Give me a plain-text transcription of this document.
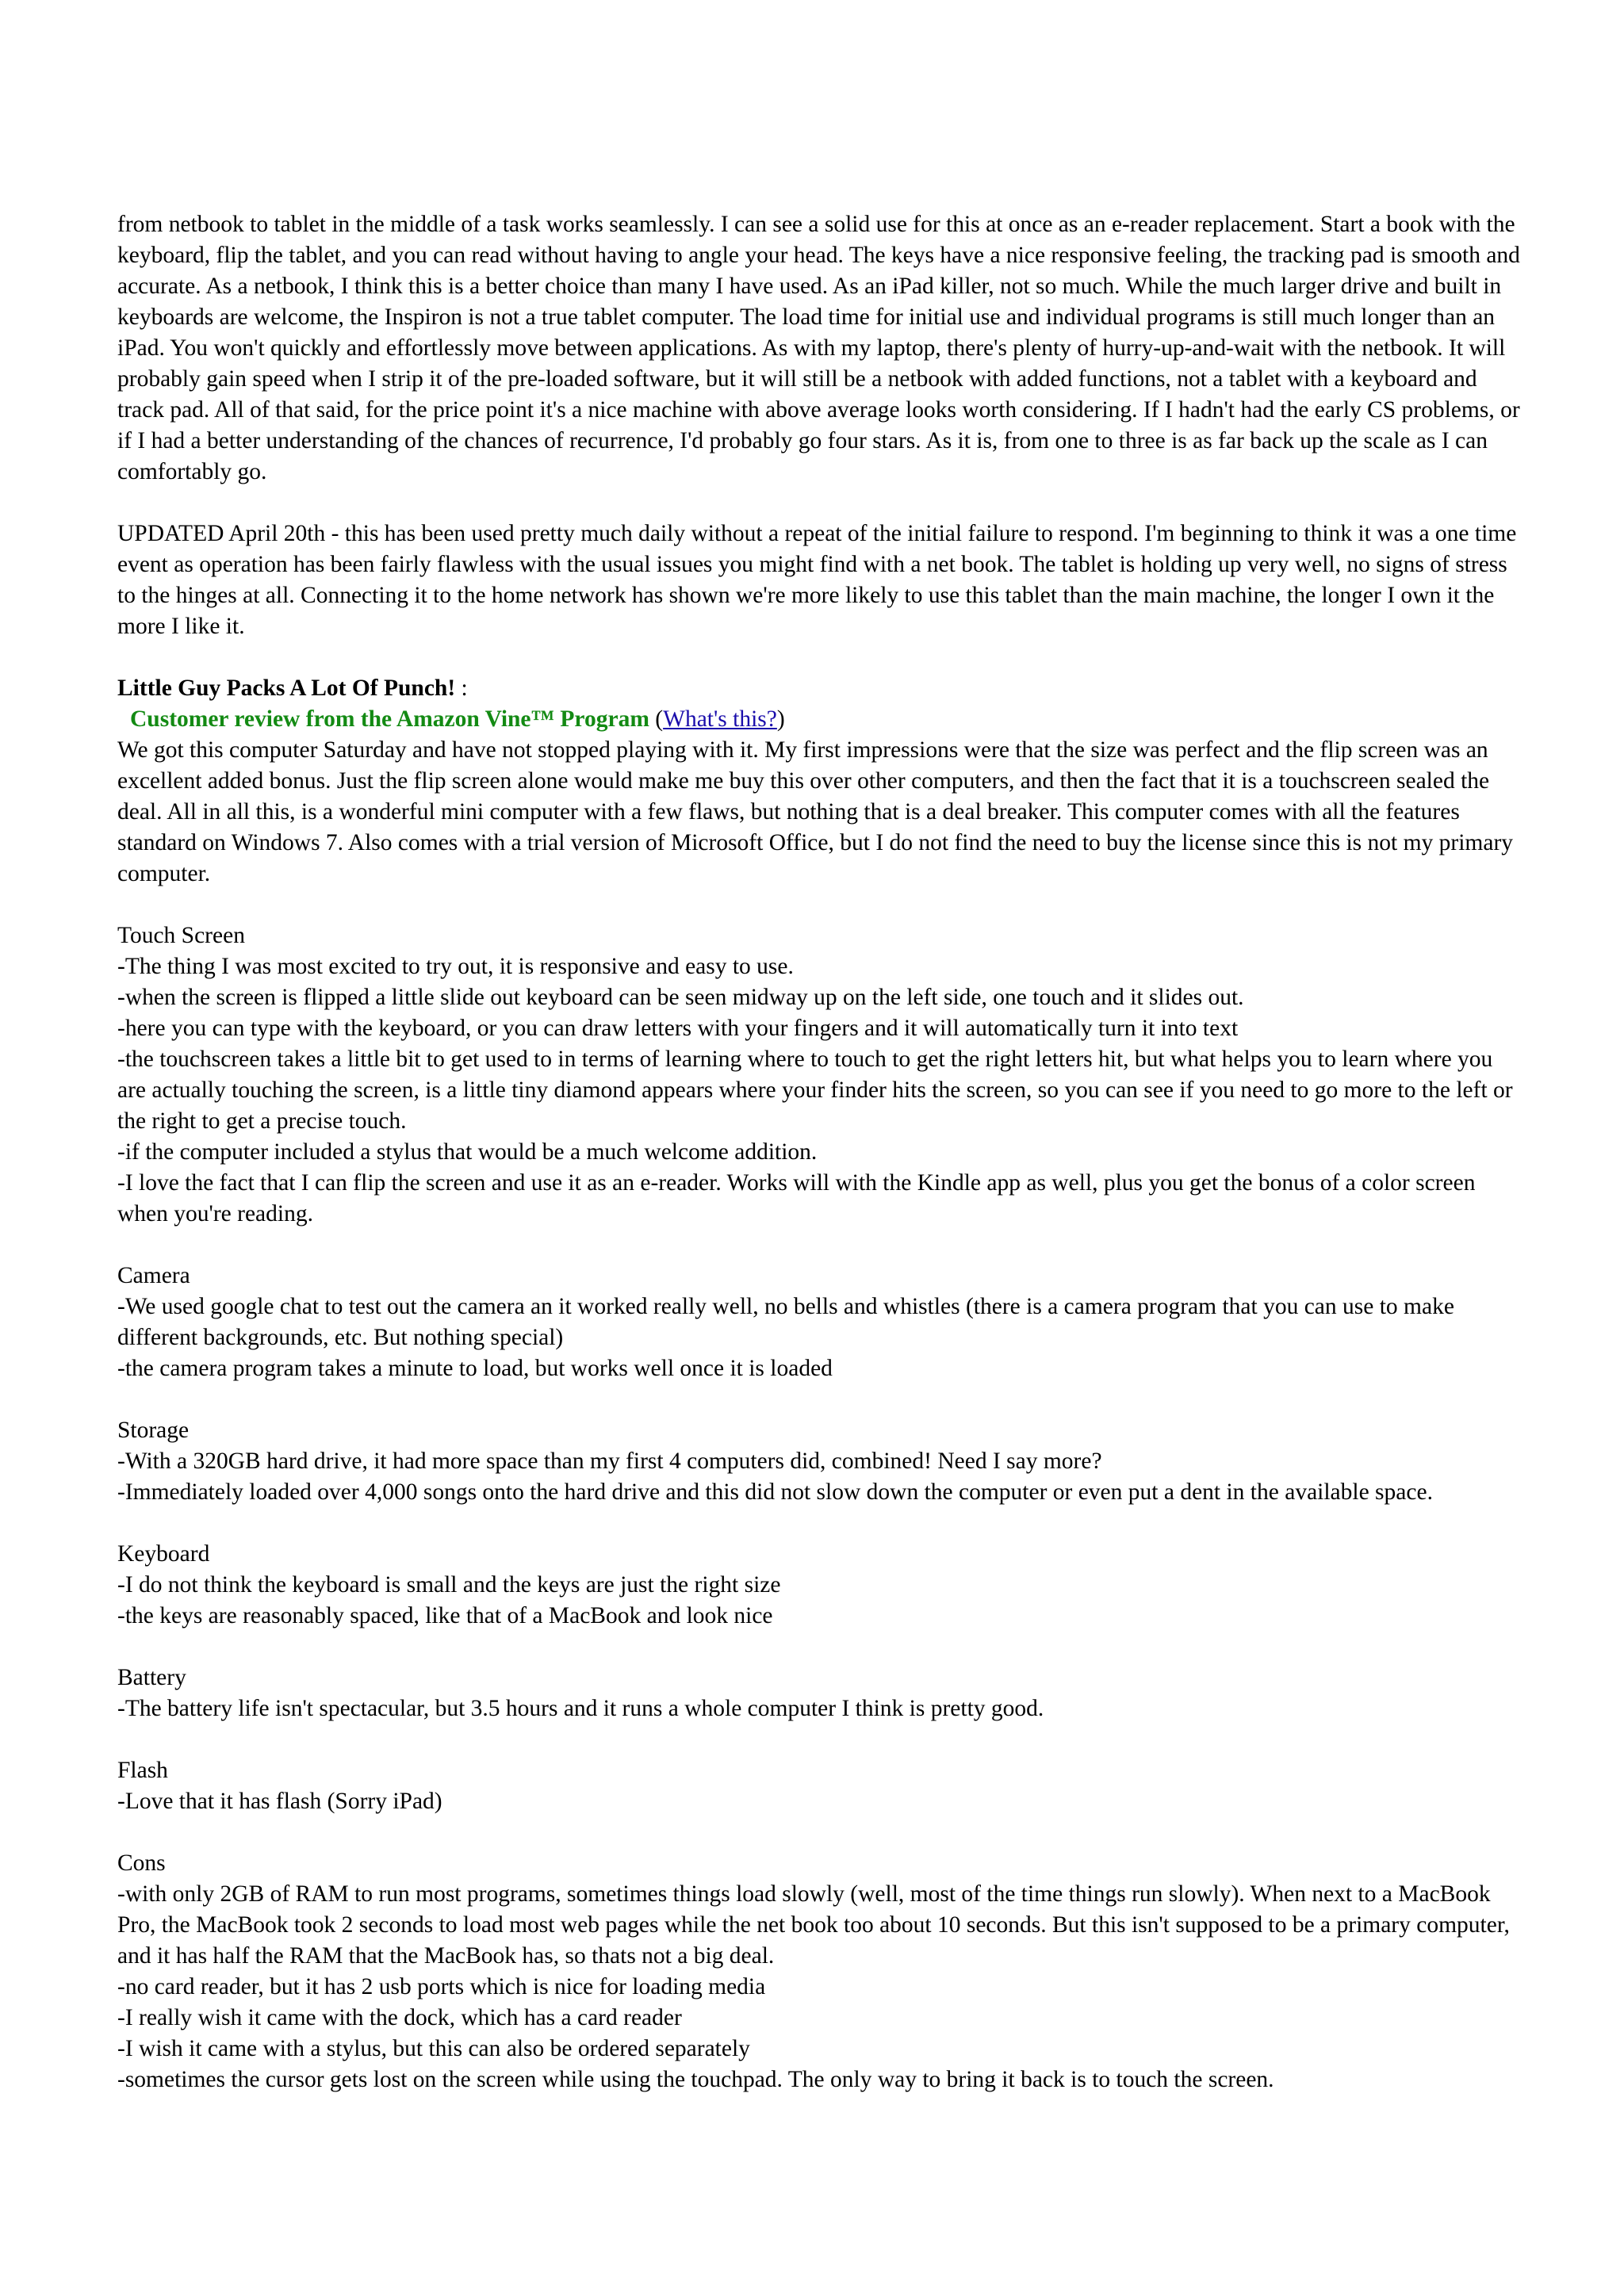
from netbook to tablet in the middle of a task works seamlessly. I can see a solid use for this at once as an e-reader replacement. Start a book with the keyboard, flip the tablet, and you can read without having to angle your head. The keys have a nice responsive feeling, the tracking pad is smooth and accurate. As a netbook, I think this is a better choice than many I have used. As an iPad killer, not so much. While the much larger drive and built in keyboards are welcome, the Inspiron is not a true tablet computer. The load time for initial use and individual programs is still much longer than an iPad. You won't quickly and effortlessly move between applications. As with my laptop, there's plenty of hurry-up-and-wait with the netbook. It will probably gain speed when I strip it of the pre-loaded software, but it will still be a netbook with added functions, not a tablet with a keyboard and track pad. All of that said, for the price point it's a nice machine with above average looks worth considering. If I hadn't had the early CS problems, or if I had a better understanding of the chances of recurrence, I'd probably go four stars. As it is, from one to three is as far back up the scale as I can comfortably go.

UPDATED April 20th - this has been used pretty much daily without a repeat of the initial failure to respond. I'm beginning to think it was a one time event as operation has been fairly flawless with the usual issues you might find with a net book. The tablet is holding up very well, no signs of stress to the hinges at all. Connecting it to the home network has shown we're more likely to use this tablet than the main machine, the longer I own it the more I like it.

Little Guy Packs A Lot Of Punch! :

Customer review from the Amazon Vine™ Program (What's this?)

We got this computer Saturday and have not stopped playing with it. My first impressions were that the size was perfect and the flip screen was an excellent added bonus. Just the flip screen alone would make me buy this over other computers, and then the fact that it is a touchscreen sealed the deal. All in all this, is a wonderful mini computer with a few flaws, but nothing that is a deal breaker. This computer comes with all the features standard on Windows 7. Also comes with a trial version of Microsoft Office, but I do not find the need to buy the license since this is not my primary computer.

Touch Screen

-The thing I was most excited to try out, it is responsive and easy to use.

-when the screen is flipped a little slide out keyboard can be seen midway up on the left side, one touch and it slides out.

-here you can type with the keyboard, or you can draw letters with your fingers and it will automatically turn it into text

-the touchscreen takes a little bit to get used to in terms of learning where to touch to get the right letters hit, but what helps you to learn where you are actually touching the screen, is a little tiny diamond appears where your finder hits the screen, so you can see if you need to go more to the left or the right to get a precise touch.

-if the computer included a stylus that would be a much welcome addition.

-I love the fact that I can flip the screen and use it as an e-reader. Works will with the Kindle app as well, plus you get the bonus of a color screen when you're reading.

Camera

-We used google chat to test out the camera an it worked really well, no bells and whistles (there is a camera program that you can use to make different backgrounds, etc. But nothing special)

-the camera program takes a minute to load, but works well once it is loaded

Storage

-With a 320GB hard drive, it had more space than my first 4 computers did, combined! Need I say more?

-Immediately loaded over 4,000 songs onto the hard drive and this did not slow down the computer or even put a dent in the available space.

Keyboard

-I do not think the keyboard is small and the keys are just the right size

-the keys are reasonably spaced, like that of a MacBook and look nice

Battery

-The battery life isn't spectacular, but 3.5 hours and it runs a whole computer I think is pretty good.

Flash

-Love that it has flash (Sorry iPad)

Cons

-with only 2GB of RAM to run most programs, sometimes things load slowly (well, most of the time things run slowly). When next to a MacBook Pro, the MacBook took 2 seconds to load most web pages while the net book too about 10 seconds. But this isn't supposed to be a primary computer, and it has half the RAM that the MacBook has, so thats not a big deal.

-no card reader, but it has 2 usb ports which is nice for loading media

-I really wish it came with the dock, which has a card reader

-I wish it came with a stylus, but this can also be ordered separately

-sometimes the cursor gets lost on the screen while using the touchpad. The only way to bring it back is to touch the screen.
